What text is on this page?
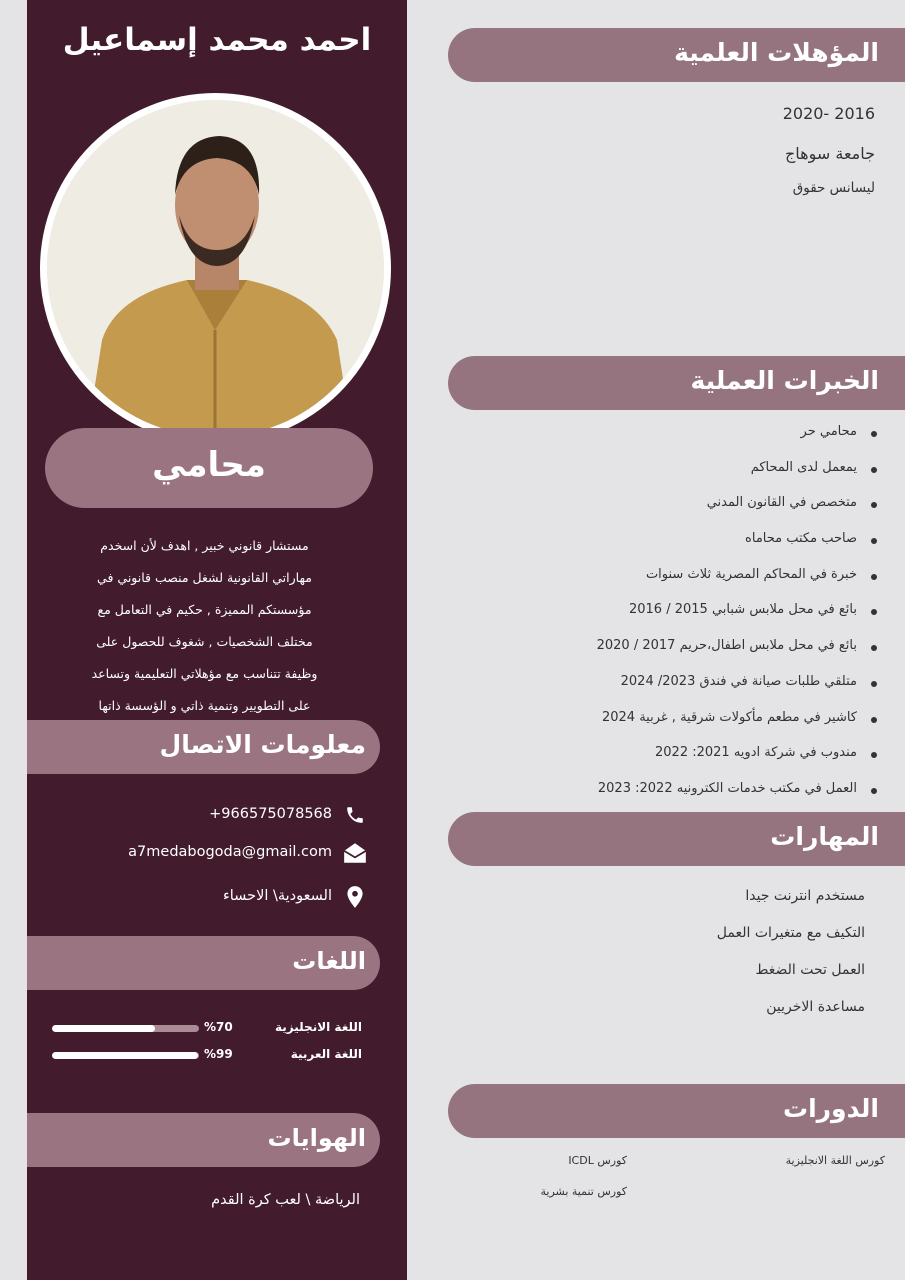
احمد محمد إسماعيل
محامي
مستشار قانوني خبير , اهدف لأن اسخدم
مهاراتي القانونية لشغل منصب قانوني في
مؤسستكم المميزة , حكيم في التعامل مع
مختلف الشخصيات , شغوف للحصول على
وظيفة تتناسب مع مؤهلاتي التعليمية وتساعد
على التطويير وتنمية ذاتي و الؤسسة ذاتها
معلومات الاتصال
+966575078568
a7medabogoda@gmail.com
السعودية\ الاحساء
اللغات
اللغة الانجليزية
%70
اللغة العربية
%99
الهوايات
الرياضة \ لعب كرة القدم
المؤهلات العلمية
2016 -2020
جامعة سوهاج
ليسانس حقوق
الخبرات العملية
محامي حر
يمعمل لدى المحاكم
متخصص في القانون المدني
صاحب مكتب محاماه
خبرة في المحاكم المصرية ثلاث سنوات
بائع في محل ملابس شبابي 2015 / 2016
بائع في محل ملابس اطفال،حريم 2017 / 2020
متلقي طلبات صيانة في فندق 2023/ 2024
كاشير في مطعم مأكولات شرقية , غربية 2024
مندوب في شركة ادويه 2021: 2022
العمل في مكتب خدمات الكترونيه 2022: 2023
المهارات
مستخدم انترنت جيدا
التكيف مع متغيرات العمل
العمل تحت الضغط
مساعدة الاخريين
الدورات
كورس اللغة الانجليزية
كورس ICDL
كورس تنمية بشرية
